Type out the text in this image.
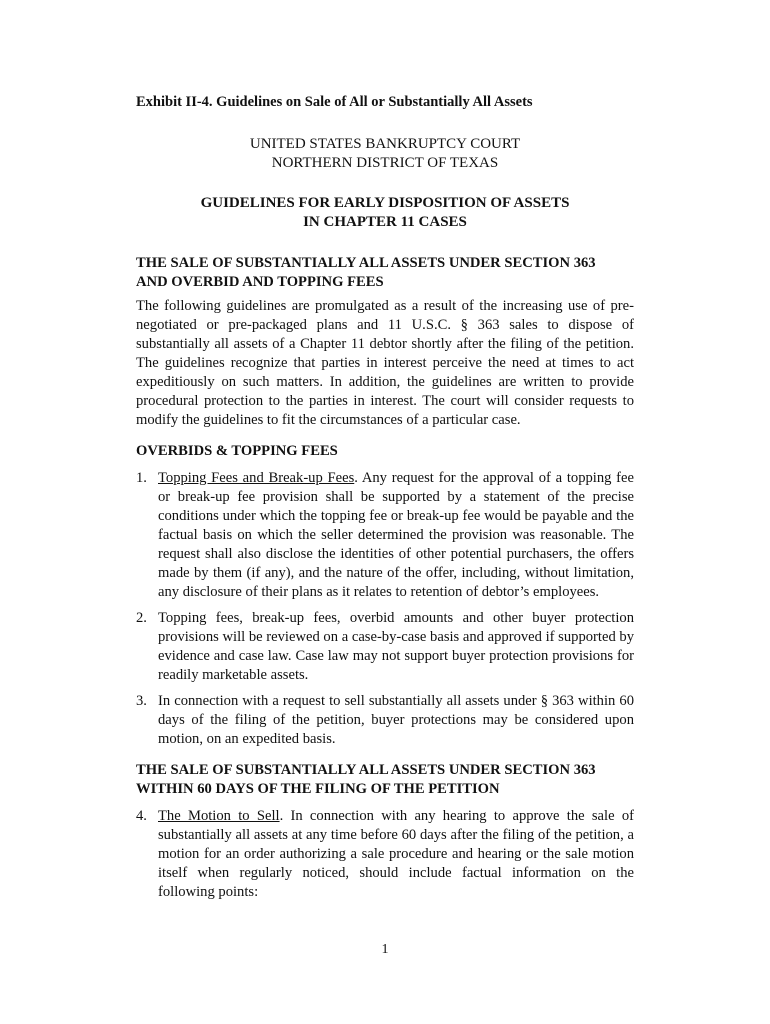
Exhibit II-4. Guidelines on Sale of All or Substantially All Assets
UNITED STATES BANKRUPTCY COURT
NORTHERN DISTRICT OF TEXAS
GUIDELINES FOR EARLY DISPOSITION OF ASSETS
IN CHAPTER 11 CASES
THE SALE OF SUBSTANTIALLY ALL ASSETS UNDER SECTION 363
AND OVERBID AND TOPPING FEES

The following guidelines are promulgated as a result of the increasing use of pre-negotiated or pre-packaged plans and 11 U.S.C. § 363 sales to dispose of substantially all assets of a Chapter 11 debtor shortly after the filing of the petition. The guidelines recognize that parties in interest perceive the need at times to act expeditiously on such matters. In addition, the guidelines are written to provide procedural protection to the parties in interest. The court will consider requests to modify the guidelines to fit the circumstances of a particular case.

OVERBIDS & TOPPING FEES
1. Topping Fees and Break-up Fees. Any request for the approval of a topping fee or break-up fee provision shall be supported by a statement of the precise conditions under which the topping fee or break-up fee would be payable and the factual basis on which the seller determined the provision was reasonable. The request shall also disclose the identities of other potential purchasers, the offers made by them (if any), and the nature of the offer, including, without limitation, any disclosure of their plans as it relates to retention of debtor’s employees.
2. Topping fees, break-up fees, overbid amounts and other buyer protection provisions will be reviewed on a case-by-case basis and approved if supported by evidence and case law. Case law may not support buyer protection provisions for readily marketable assets.
3. In connection with a request to sell substantially all assets under § 363 within 60 days of the filing of the petition, buyer protections may be considered upon motion, on an expedited basis.
THE SALE OF SUBSTANTIALLY ALL ASSETS UNDER SECTION 363
WITHIN 60 DAYS OF THE FILING OF THE PETITION
4. The Motion to Sell. In connection with any hearing to approve the sale of substantially all assets at any time before 60 days after the filing of the petition, a motion for an order authorizing a sale procedure and hearing or the sale motion itself when regularly noticed, should include factual information on the following points:
1
